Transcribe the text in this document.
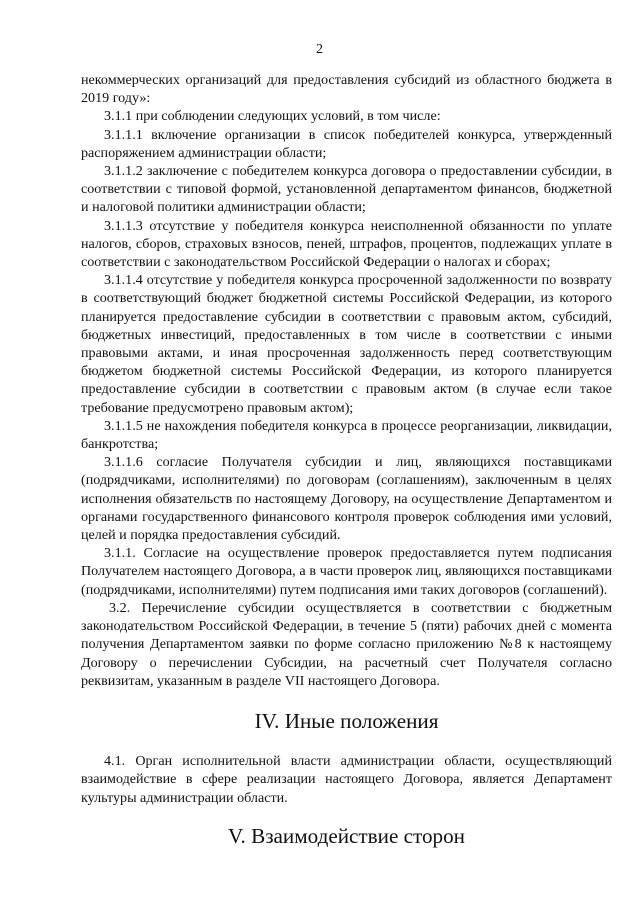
2

некоммерческих организаций для предоставления субсидий из областного бюджета в 2019 году»:

3.1.1 при соблюдении следующих условий, в том числе:

3.1.1.1 включение организации в список победителей конкурса, утвержденный распоряжением администрации области;

3.1.1.2 заключение с победителем конкурса договора о предоставлении субсидии, в соответствии с типовой формой, установленной департаментом финансов, бюджетной и налоговой политики администрации области;

3.1.1.3 отсутствие у победителя конкурса неисполненной обязанности по уплате налогов, сборов, страховых взносов, пеней, штрафов, процентов, подлежащих уплате в соответствии с законодательством Российской Федерации о налогах и сборах;

3.1.1.4 отсутствие у победителя конкурса просроченной задолженности по возврату в соответствующий бюджет бюджетной системы Российской Федерации, из которого планируется предоставление субсидии в соответствии с правовым актом, субсидий, бюджетных инвестиций, предоставленных в том числе в соответствии с иными правовыми актами, и иная просроченная задолженность перед соответствующим бюджетом бюджетной системы Российской Федерации, из которого планируется предоставление субсидии в соответствии с правовым актом (в случае если такое требование предусмотрено правовым актом);

3.1.1.5 не нахождения победителя конкурса в процессе реорганизации, ликвидации, банкротства;

3.1.1.6 согласие Получателя субсидии и лиц, являющихся поставщиками (подрядчиками, исполнителями) по договорам (соглашениям), заключенным в целях исполнения обязательств по настоящему Договору, на осуществление Департаментом и органами государственного финансового контроля проверок соблюдения ими условий, целей и порядка предоставления субсидий.

3.1.1. Согласие на осуществление проверок предоставляется путем подписания Получателем настоящего Договора, а в части проверок лиц, являющихся поставщиками (подрядчиками, исполнителями) путем подписания ими таких договоров (соглашений).

3.2. Перечисление субсидии осуществляется в соответствии с бюджетным законодательством Российской Федерации, в течение 5 (пяти) рабочих дней с момента получения Департаментом заявки по форме согласно приложению №8 к настоящему Договору о перечислении Субсидии, на расчетный счет Получателя согласно реквизитам, указанным в разделе VII настоящего Договора.

IV. Иные положения

4.1. Орган исполнительной власти администрации области, осуществляющий взаимодействие в сфере реализации настоящего Договора, является Департамент культуры администрации области.

V. Взаимодействие сторон
